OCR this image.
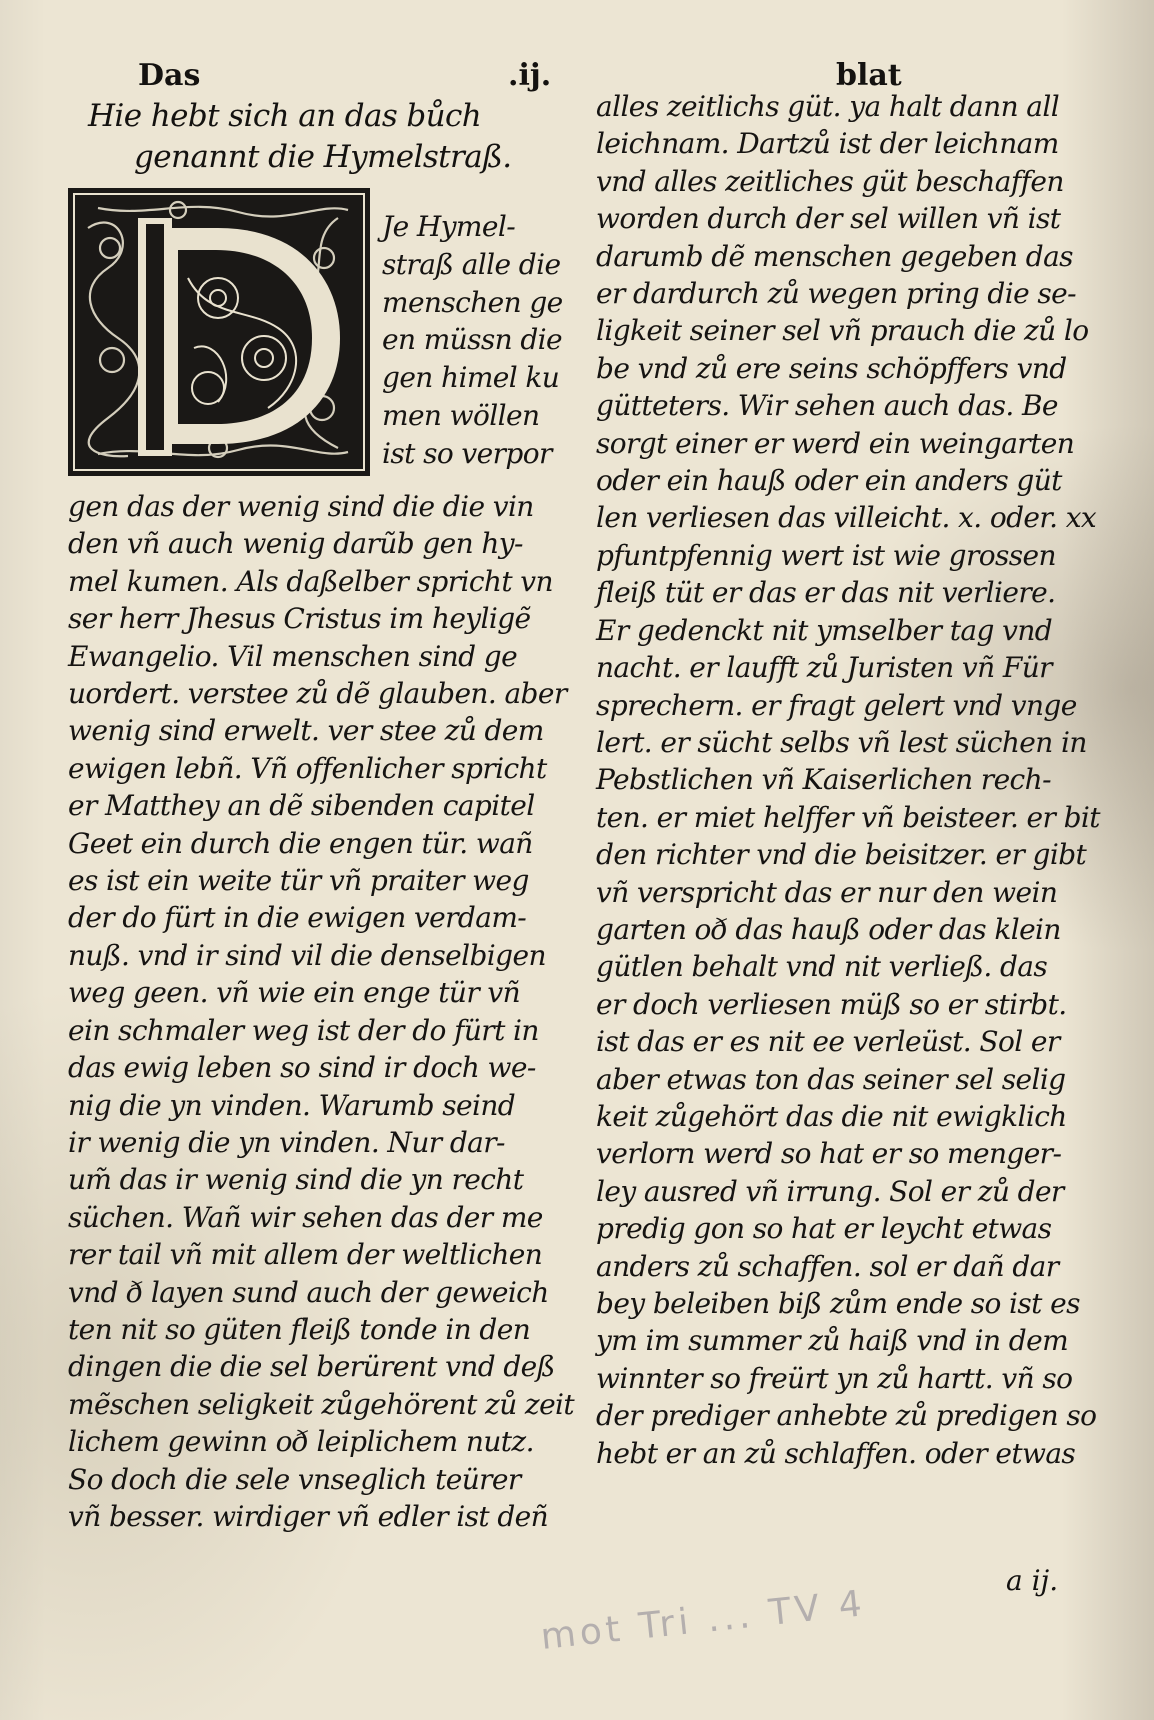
Das	.ij.	blat
Hie hebt sich an das bůch
genannt die Hymelstraß.
D
Je Hymel-
straß alle die
menschen ge
en müssn die
gen himel ku
men wöllen
ist so verpor
gen das der wenig sind die die vin
den vñ auch wenig darũb gen hy-
mel kumen. Als daßelber spricht vn
ser herr Jhesus Cristus im heyligẽ
Ewangelio. Vil menschen sind ge
uordert. verstee zů dẽ glauben. aber
wenig sind erwelt. ver stee zů dem
ewigen lebñ. Vñ offenlicher spricht
er Matthey an dẽ sibenden capitel
Geet ein durch die engen tür. wañ
es ist ein weite tür vñ praiter weg
der do fürt in die ewigen verdam-
nuß. vnd ir sind vil die denselbigen
weg geen. vñ wie ein enge tür vñ
ein schmaler weg ist der do fürt in
das ewig leben so sind ir doch we-
nig die yn vinden. Warumb seind
ir wenig die yn vinden. Nur dar-
um̃ das ir wenig sind die yn recht
süchen. Wañ wir sehen das der me
rer tail vñ mit allem der weltlichen
vnd ð layen sund auch der geweich
ten nit so güten fleiß tonde in den
dingen die die sel berürent vnd deß
mẽschen seligkeit zůgehörent zů zeit
lichem gewinn oð leiplichem nutz.
So doch die sele vnseglich teürer
vñ besser. wirdiger vñ edler ist deñ
alles zeitlichs güt. ya halt dann all
leichnam. Dartzů ist der leichnam
vnd alles zeitliches güt beschaffen
worden durch der sel willen vñ ist
darumb dẽ menschen gegeben das
er dardurch zů wegen pring die se-
ligkeit seiner sel vñ prauch die zů lo
be vnd zů ere seins schöpffers vnd
gütteters. Wir sehen auch das. Be
sorgt einer er werd ein weingarten
oder ein hauß oder ein anders güt
len verliesen das villeicht. x. oder. xx
pfuntpfennig wert ist wie grossen
fleiß tüt er das er das nit verliere.
Er gedenckt nit ymselber tag vnd
nacht. er laufft zů Juristen vñ Für
sprechern. er fragt gelert vnd vnge
lert. er sücht selbs vñ lest süchen in
Pebstlichen vñ Kaiserlichen rech-
ten. er miet helffer vñ beisteer. er bit
den richter vnd die beisitzer. er gibt
vñ verspricht das er nur den wein
garten oð das hauß oder das klein
gütlen behalt vnd nit verließ. das
er doch verliesen müß so er stirbt.
ist das er es nit ee verleüst. Sol er
aber etwas ton das seiner sel selig
keit zůgehört das die nit ewigklich
verlorn werd so hat er so menger-
ley ausred vñ irrung. Sol er zů der
predig gon so hat er leycht etwas
anders zů schaffen. sol er dañ dar
bey beleiben biß zům ende so ist es
ym im summer zů haiß vnd in dem
winnter so freürt yn zů hartt. vñ so
der prediger anhebte zů predigen so
hebt er an zů schlaffen. oder etwas
a ij.
mot Tri ... TV 4
